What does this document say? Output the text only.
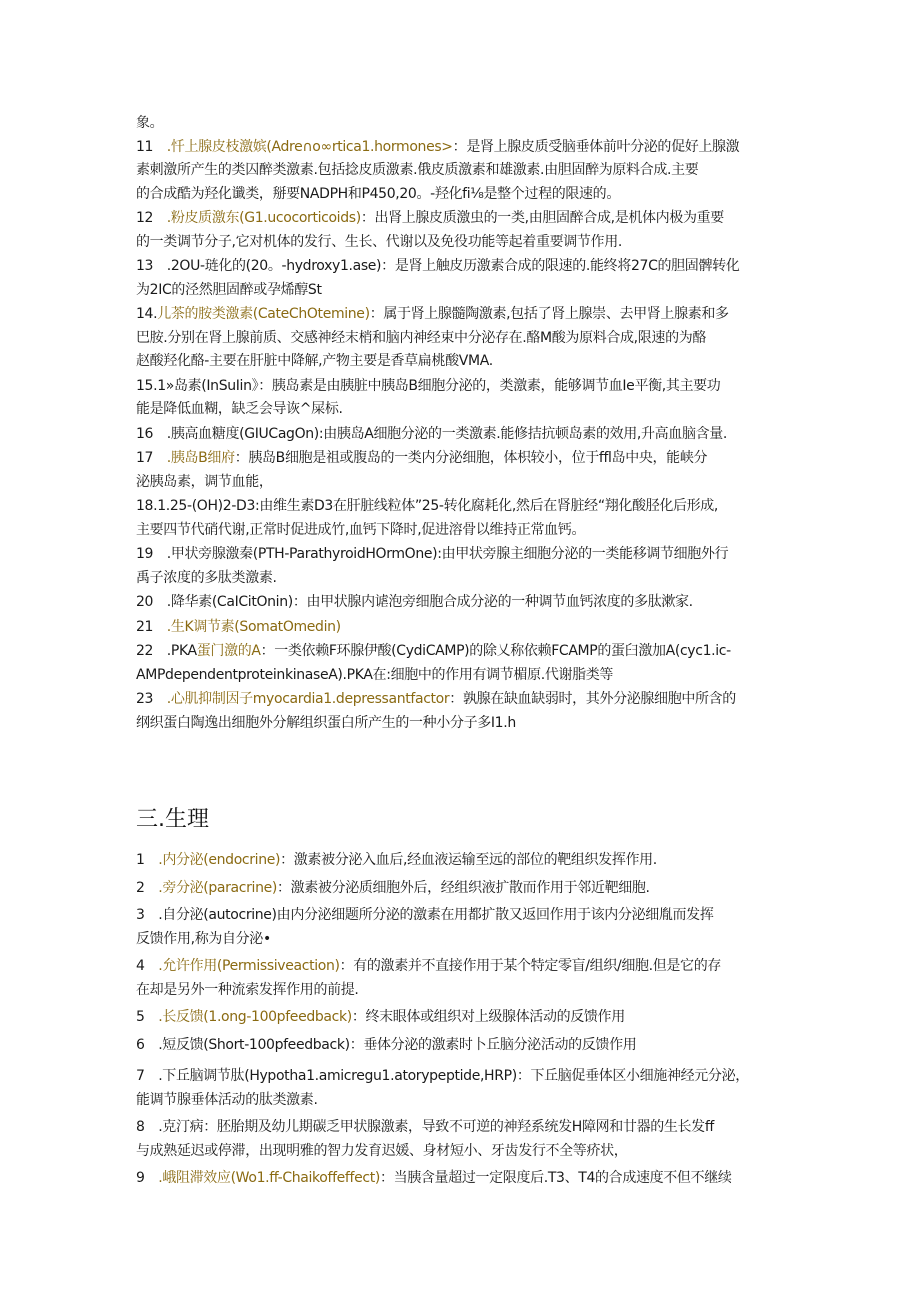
象。
11　.忏上腺皮枝激嫔(Adre∩o∞rtica1.hormones>：是肾上腺皮质受脑垂体前叶分泌的促好上腺激
素刺激所产生的类囚醉类激素.包括捻皮质激素.俄皮质激素和雄激素.由胆固醉为原料合成.主要
的合成酷为羟化谶类，掰要NADPH和P450,20。-羟化fi⅛是整个过程的限速的。
12　.粉皮质激东(G1.ucocorticoids)：出肾上腺皮质激虫的一类,由胆固醉合成,是机体内极为重要
的一类调节分子,它对机体的发行、生长、代谢以及免役功能等起着重要调节作用.
13　.2OU-琏化的(20。-hydroxy1.ase)：是肾上触皮历激素合成的限速的.能终将27C的胆固髀转化
为2IC的泾然胆固醉或孕烯醇St
14.儿茶的胺类激素(CateChOtemine)：属于肾上腺髓陶激素,包括了肾上腺崇、去甲肾上腺素和多
巴胺.分别在肾上腺前质、交感神经末梢和脑内神经束中分泌存在.酪M酸为原料合成,限速的为酪
赵酸羟化酪-主要在肝脏中降解,产物主要是香草扁桃酸VMA.
15.1»岛素(InSuIin》：胰岛素是由胰脏中胰岛B细胞分泌的，类激素，能够调节血Ie平衡,其主要功
能是降低血糊，缺乏会导诙^屎标.
16　.胰高血糖度(GIUCagOn):由胰岛A细胞分泌的一类激素.能修拮抗顿岛素的效用,升高血脑含量.
17　.胰岛B细府：胰岛B细胞是祖或腹岛的一类内分泌细胞，体枳较小，位于ffl岛中央，能峡分
泌胰岛素，调节血能，
18.1.25-(OH)2-D3:由维生素D3在肝脏线粒体”25-转化腐耗化,然后在肾脏经“翔化酸胫化后形成,
主要四节代硝代谢,正常时促进成竹,血钙下降时,促进溶骨以维持正常血钙。
19　.甲状旁腺激秦(PTH-ParathyroidHOrmOne):由甲状旁腺主细胞分泌的一类能移调节细胞外行
禹子浓度的多肽类激素.
20　.降华素(CaICitOnin)：由甲状腺内谑泡旁细胞合成分泌的一种调节血钙浓度的多肽漱家.
21　.生K调节素(SomatOmedin)
22　.PKA蛋门激的A：一类依赖F环腺伊酸(CydiCAMP)的除乂称依赖FCAMP的蛋臼激加A(cyc1.ic-
AMPdependentproteinkinaseA).PKA在:细胞中的作用有调节楣原.代谢脂类等
23　.心肌抑制因子myocardia1.depressantfactor：孰腺在缺血缺弱时，其外分泌腺细胞中所含的
纲织蛋白陶逸出细胞外分解组织蛋白所产生的一种小分子多I1.h
三.生理
1　.内分泌(endocrine)：激素被分泌入血后,经血液运输至远的部位的靶组织发挥作用.
2　.旁分泌(paracrine)：激素被分泌质细胞外后，经组织液扩散而作用于邻近靶细胞.
3　.自分泌(autocrine)由内分泌细题所分泌的激素在用都扩散又返回作用于该内分泌细胤而发挥
反馈作用,称为自分泌•
4　.允许作用(Permissiveaction)：有的激素并不直接作用于某个特定零盲/组织/细胞.但是它的存
在却是另外一种流索发挥作用的前提.
5　.长反馈(1.ong-100pfeedback)：终末眼体或组织对上级腺体活动的反馈作用
6　.短反馈(Short-100pfeedback)：垂体分泌的激素时卜丘脑分泌活动的反馈作用
7　.下丘脑调节肽(Hypotha1.amicregu1.atorypeptide,HRP)：下丘脑促垂体区小细施神经元分泌，
能调节腺垂体活动的肽类激素.
8　.克汀病：胚胎期及幼儿期碳乏甲状腺激素，导致不可逆的神羟系统发H障网和廿器的生长发ff
与成熟延迟或停滞，出现明雅的智力发育迟媛、身材短小、牙齿发行不全等疥状，
9　.峨阻滞效应(Wo1.ff-Chaikoffeffect)：当胰含量超过一定限度后.T3、T4的合成速度不但不继续
